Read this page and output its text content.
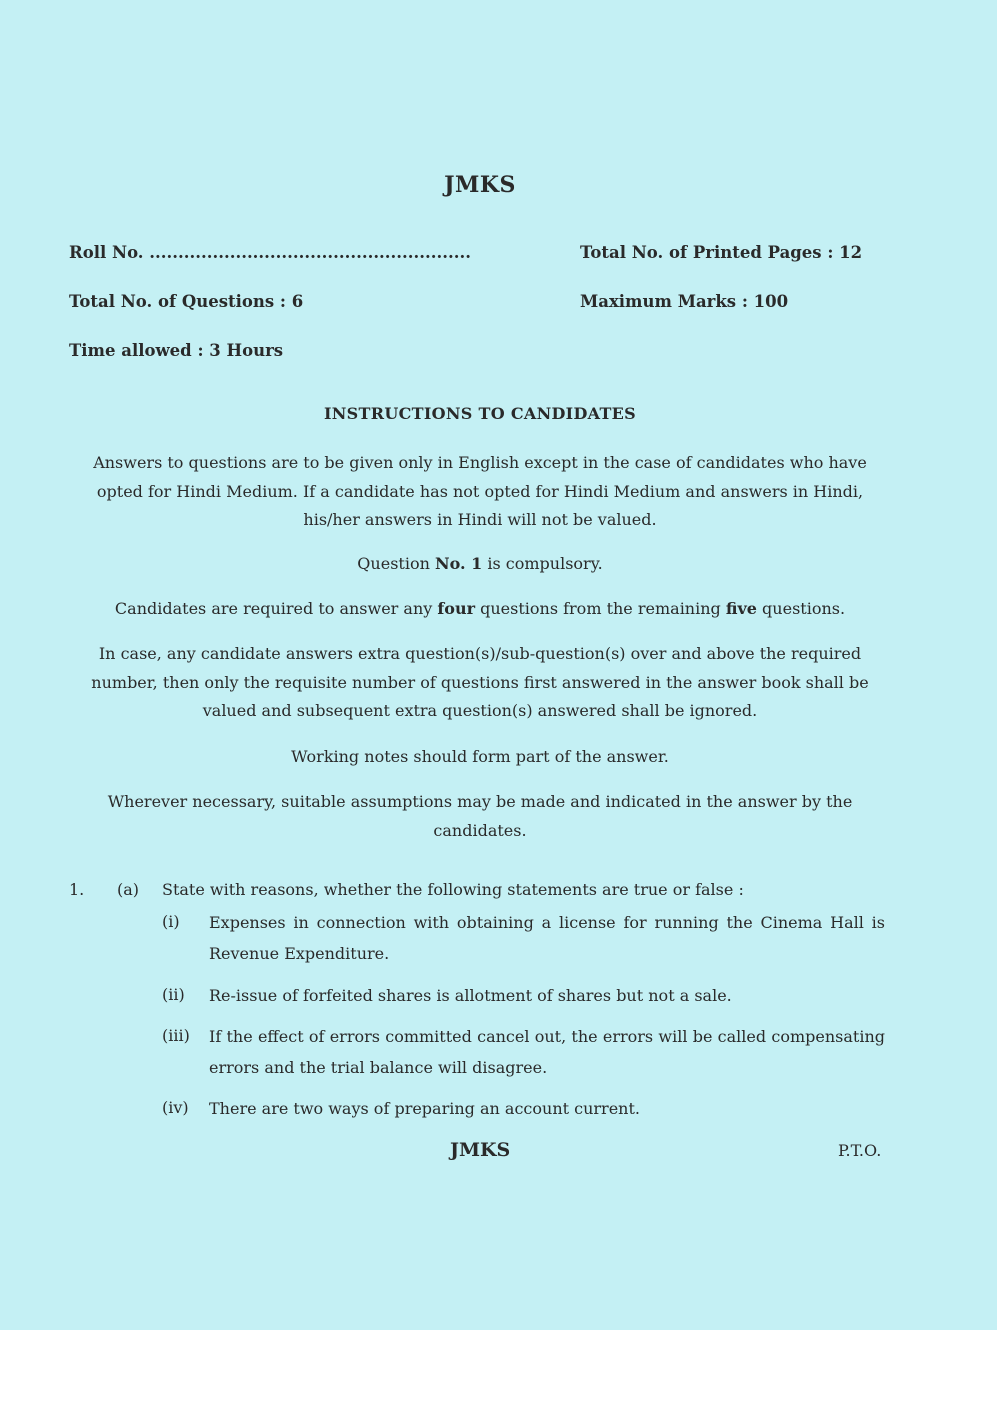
JMKS
Roll No. ........................................................	Total No. of Printed Pages : 12
Total No. of Questions : 6	Maximum Marks : 100
Time allowed : 3 Hours
INSTRUCTIONS TO CANDIDATES
Answers to questions are to be given only in English except in the case of candidates who have opted for Hindi Medium. If a candidate has not opted for Hindi Medium and answers in Hindi, his/her answers in Hindi will not be valued.
Question No. 1 is compulsory.
Candidates are required to answer any four questions from the remaining five questions.
In case, any candidate answers extra question(s)/sub-question(s) over and above the required number, then only the requisite number of questions first answered in the answer book shall be valued and subsequent extra question(s) answered shall be ignored.
Working notes should form part of the answer.
Wherever necessary, suitable assumptions may be made and indicated in the answer by the candidates.
1. (a) State with reasons, whether the following statements are true or false :
(i) Expenses in connection with obtaining a license for running the Cinema Hall is Revenue Expenditure.
(ii) Re-issue of forfeited shares is allotment of shares but not a sale.
(iii) If the effect of errors committed cancel out, the errors will be called compensating errors and the trial balance will disagree.
(iv) There are two ways of preparing an account current.
JMKS	P.T.O.
